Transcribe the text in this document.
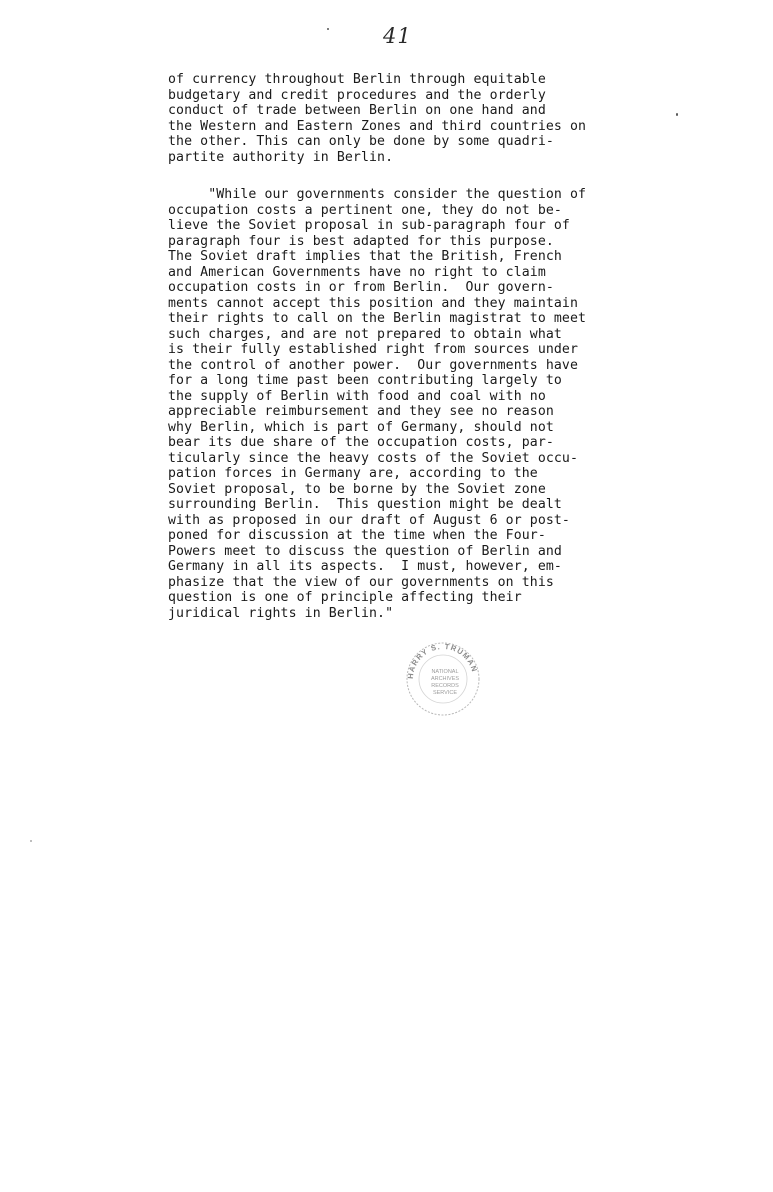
41
of currency throughout Berlin through equitable
budgetary and credit procedures and the orderly
conduct of trade between Berlin on one hand and
the Western and Eastern Zones and third countries on
the other. This can only be done by some quadri-
partite authority in Berlin.
"While our governments consider the question of
occupation costs a pertinent one, they do not be-
lieve the Soviet proposal in sub-paragraph four of
paragraph four is best adapted for this purpose.
The Soviet draft implies that the British, French
and American Governments have no right to claim
occupation costs in or from Berlin.  Our govern-
ments cannot accept this position and they maintain
their rights to call on the Berlin magistrat to meet
such charges, and are not prepared to obtain what
is their fully established right from sources under
the control of another power.  Our governments have
for a long time past been contributing largely to
the supply of Berlin with food and coal with no
appreciable reimbursement and they see no reason
why Berlin, which is part of Germany, should not
bear its due share of the occupation costs, par-
ticularly since the heavy costs of the Soviet occu-
pation forces in Germany are, according to the
Soviet proposal, to be borne by the Soviet zone
surrounding Berlin.  This question might be dealt
with as proposed in our draft of August 6 or post-
poned for discussion at the time when the Four-
Powers meet to discuss the question of Berlin and
Germany in all its aspects.  I must, however, em-
phasize that the view of our governments on this
question is one of principle affecting their
juridical rights in Berlin."
HARRY S. TRUMAN
NATIONAL
ARCHIVES
RECORDS
SERVICE
